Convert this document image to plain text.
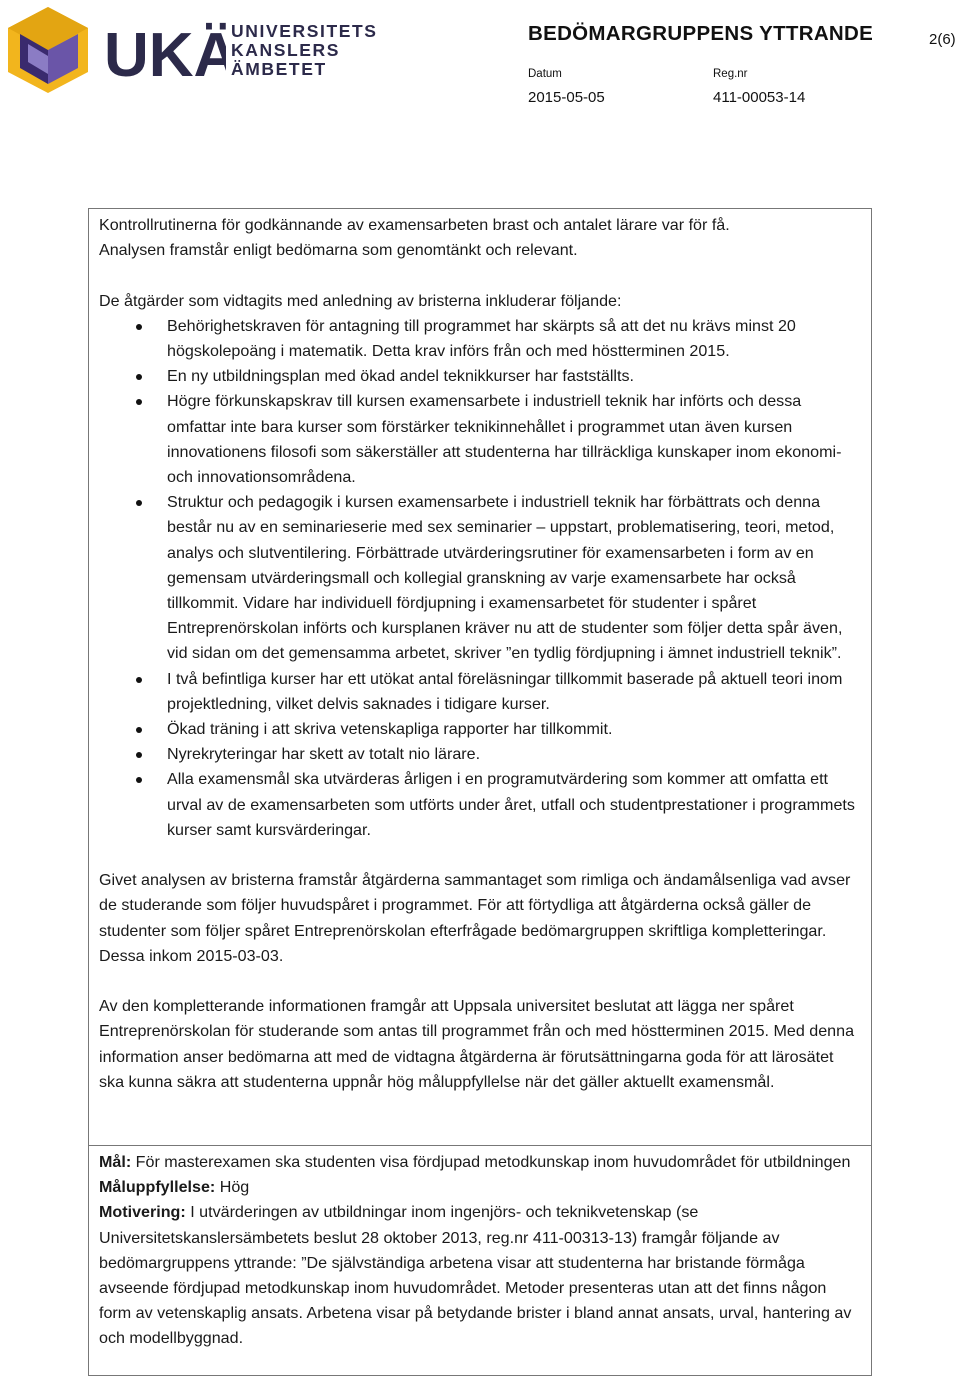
UKÄ
UNIVERSITETS
KANSLERS
ÄMBETET
BEDÖMARGRUPPENS YTTRANDE	2(6)
Datum	Reg.nr
2015-05-05	411-00053-14

Kontrollrutinerna för godkännande av examensarbeten brast och antalet lärare var för få.

Analysen framstår enligt bedömarna som genomtänkt och relevant.

De åtgärder som vidtagits med anledning av bristerna inkluderar följande:

Behörighetskraven för antagning till programmet har skärpts så att det nu krävs minst 20 högskolepoäng i matematik. Detta krav införs från och med höstterminen 2015.
En ny utbildningsplan med ökad andel teknikkurser har fastställts.
Högre förkunskapskrav till kursen examensarbete i industriell teknik har införts och dessa omfattar inte bara kurser som förstärker teknikinnehållet i programmet utan även kursen innovationens filosofi som säkerställer att studenterna har tillräckliga kunskaper inom ekonomi- och innovationsområdena.
Struktur och pedagogik i kursen examensarbete i industriell teknik har förbättrats och denna består nu av en seminarieserie med sex seminarier – uppstart, problematisering, teori, metod, analys och slutventilering. Förbättrade utvärderingsrutiner för examensarbeten i form av en gemensam utvärderingsmall och kollegial granskning av varje examensarbete har också tillkommit. Vidare har individuell fördjupning i examensarbetet för studenter i spåret Entreprenörskolan införts och kursplanen kräver nu att de studenter som följer detta spår även, vid sidan om det gemensamma arbetet, skriver ”en tydlig fördjupning i ämnet industriell teknik”.
I två befintliga kurser har ett utökat antal föreläsningar tillkommit baserade på aktuell teori inom projektledning, vilket delvis saknades i tidigare kurser.
Ökad träning i att skriva vetenskapliga rapporter har tillkommit.
Nyrekryteringar har skett av totalt nio lärare.
Alla examensmål ska utvärderas årligen i en programutvärdering som kommer att omfatta ett urval av de examensarbeten som utförts under året, utfall och studentprestationer i programmets kurser samt kursvärderingar.

Givet analysen av bristerna framstår åtgärderna sammantaget som rimliga och ändamålsenliga vad avser de studerande som följer huvudspåret i programmet. För att förtydliga att åtgärderna också gäller de studenter som följer spåret Entreprenörskolan efterfrågade bedömargruppen skriftliga kompletteringar. Dessa inkom 2015-03-03.

Av den kompletterande informationen framgår att Uppsala universitet beslutat att lägga ner spåret Entreprenörskolan för studerande som antas till programmet från och med höstterminen 2015. Med denna information anser bedömarna att med de vidtagna åtgärderna är förutsättningarna goda för att lärosätet ska kunna säkra att studenterna uppnår hög måluppfyllelse när det gäller aktuellt examensmål.

Mål: För masterexamen ska studenten visa fördjupad metodkunskap inom huvudområdet för utbildningen

Måluppfyllelse: Hög

Motivering: I utvärderingen av utbildningar inom ingenjörs- och teknikvetenskap (se Universitetskanslersämbetets beslut 28 oktober 2013, reg.nr 411-00313-13) framgår följande av bedömargruppens yttrande: ”De självständiga arbetena visar att studenterna har bristande förmåga avseende fördjupad metodkunskap inom huvudområdet. Metoder presenteras utan att det finns någon form av vetenskaplig ansats. Arbetena visar på betydande brister i bland annat ansats, urval, hantering av och modellbyggnad.
